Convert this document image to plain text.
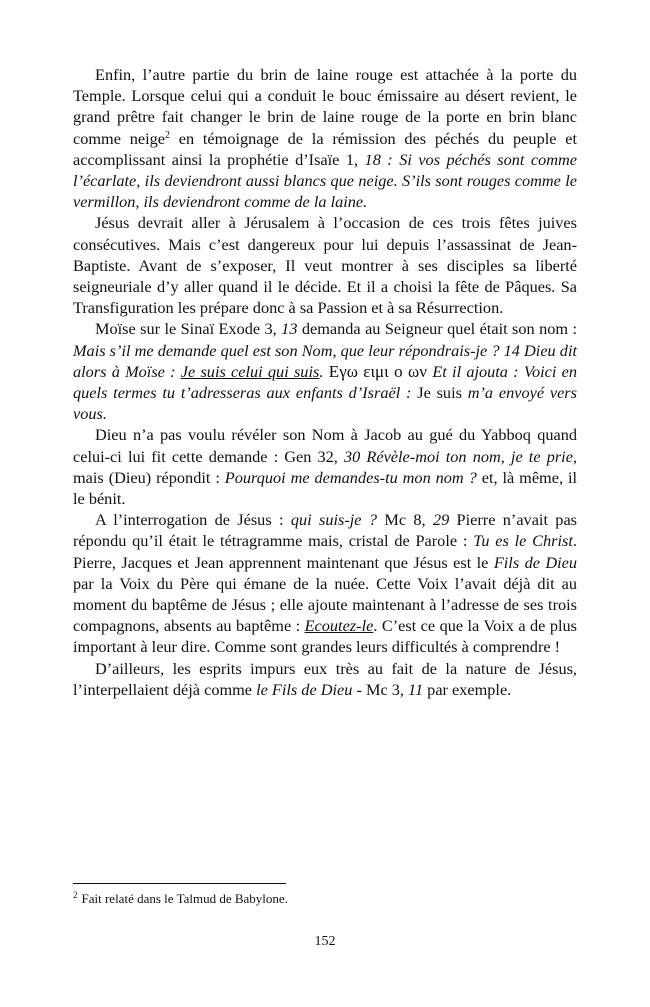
Enfin, l’autre partie du brin de laine rouge est attachée à la porte du Temple. Lorsque celui qui a conduit le bouc émissaire au désert revient, le grand prêtre fait changer le brin de laine rouge de la porte en brin blanc comme neige$^2$ en témoignage de la rémission des péchés du peuple et accomplissant ainsi la prophétie d’Isaïe 1, 18 : Si vos péchés sont comme l’écarlate, ils deviendront aussi blancs que neige. S’ils sont rouges comme le vermillon, ils deviendront comme de la laine.

Jésus devrait aller à Jérusalem à l’occasion de ces trois fêtes juives consécutives. Mais c’est dangereux pour lui depuis l’assassinat de Jean-Baptiste. Avant de s’exposer, Il veut montrer à ses disciples sa liberté seigneuriale d’y aller quand il le décide. Et il a choisi la fête de Pâques. Sa Transfiguration les prépare donc à sa Passion et à sa Résurrection.

Moïse sur le Sinaï Exode 3, 13 demanda au Seigneur quel était son nom : Mais s’il me demande quel est son Nom, que leur répondrais-je ? 14 Dieu dit alors à Moïse : Je suis celui qui suis. Εγω ειμι ο ων Et il ajouta : Voici en quels termes tu t’adresseras aux enfants d’Israël : Je suis m’a envoyé vers vous.

Dieu n’a pas voulu révéler son Nom à Jacob au gué du Yabboq quand celui-ci lui fit cette demande : Gen 32, 30 Révèle-moi ton nom, je te prie, mais (Dieu) répondit : Pourquoi me demandes-tu mon nom ? et, là même, il le bénit.

A l’interrogation de Jésus : qui suis-je ? Mc 8, 29 Pierre n’avait pas répondu qu’il était le tétragramme mais, cristal de Parole : Tu es le Christ. Pierre, Jacques et Jean apprennent maintenant que Jésus est le Fils de Dieu par la Voix du Père qui émane de la nuée. Cette Voix l’avait déjà dit au moment du baptême de Jésus ; elle ajoute maintenant à l’adresse de ses trois compagnons, absents au baptême : Ecoutez-le. C’est ce que la Voix a de plus important à leur dire. Comme sont grandes leurs difficultés à comprendre !

D’ailleurs, les esprits impurs eux très au fait de la nature de Jésus, l’interpellaient déjà comme le Fils de Dieu - Mc 3, 11 par exemple.

$^2$ Fait relaté dans le Talmud de Babylone.
152
